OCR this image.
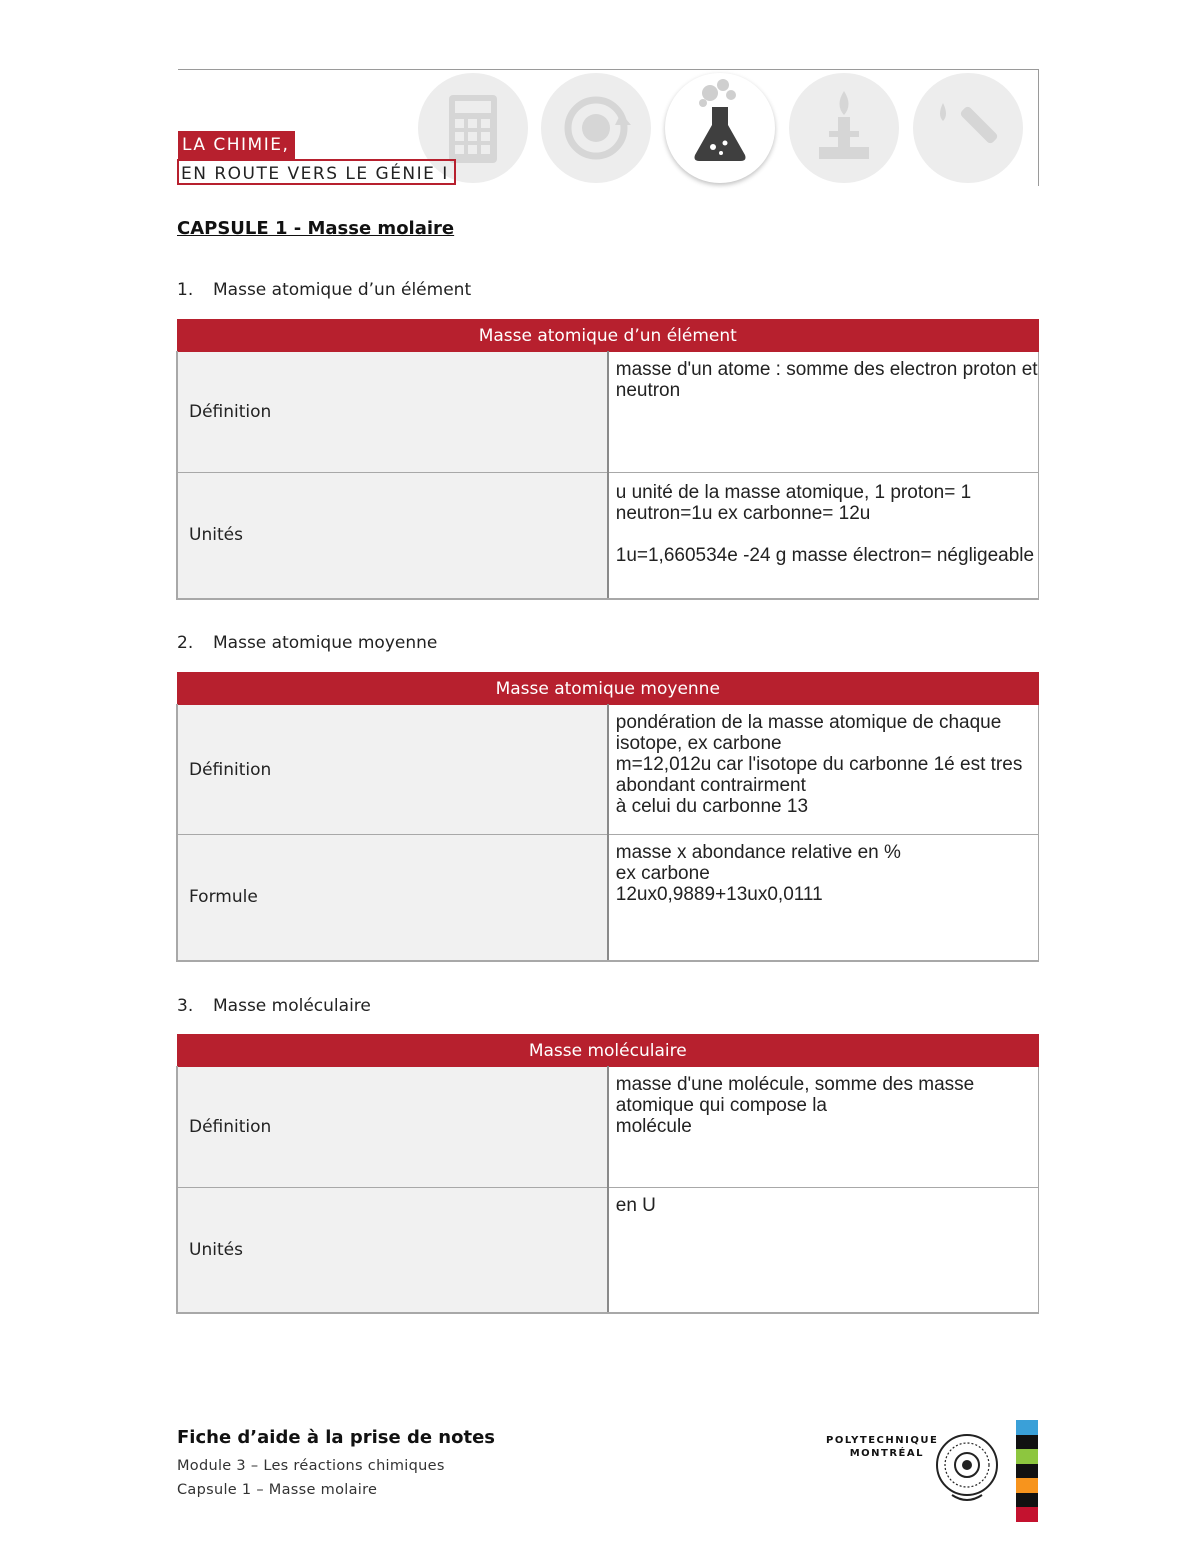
LA CHIMIE,
EN ROUTE VERS LE GÉNIE I
CAPSULE 1 - Masse molaire
1. Masse atomique d’un élément
Masse atomique d’un élément	
Définition	masse d'un atome : somme des electron proton et neutron
Unités	u unité de la masse atomique, 1 proton= 1 neutron=1u ex carbonne= 12u

1u=1,660534e -24 g masse électron= négligeable
2. Masse atomique moyenne
Masse atomique moyenne	
Définition	pondération de la masse atomique de chaque isotope, ex carbone
m=12,012u car l'isotope du carbonne 1é est tres abondant contrairment
à celui du carbonne 13
Formule	masse x abondance relative en %
ex carbone
12ux0,9889+13ux0,0111
3. Masse moléculaire
Masse moléculaire	
Définition	masse d'une molécule, somme des masse atomique qui compose la
molécule
Unités	en U
Fiche d’aide à la prise de notes
Module 3 – Les réactions chimiques
Capsule 1 – Masse molaire
POLYTECHNIQUE
MONTRÉAL
